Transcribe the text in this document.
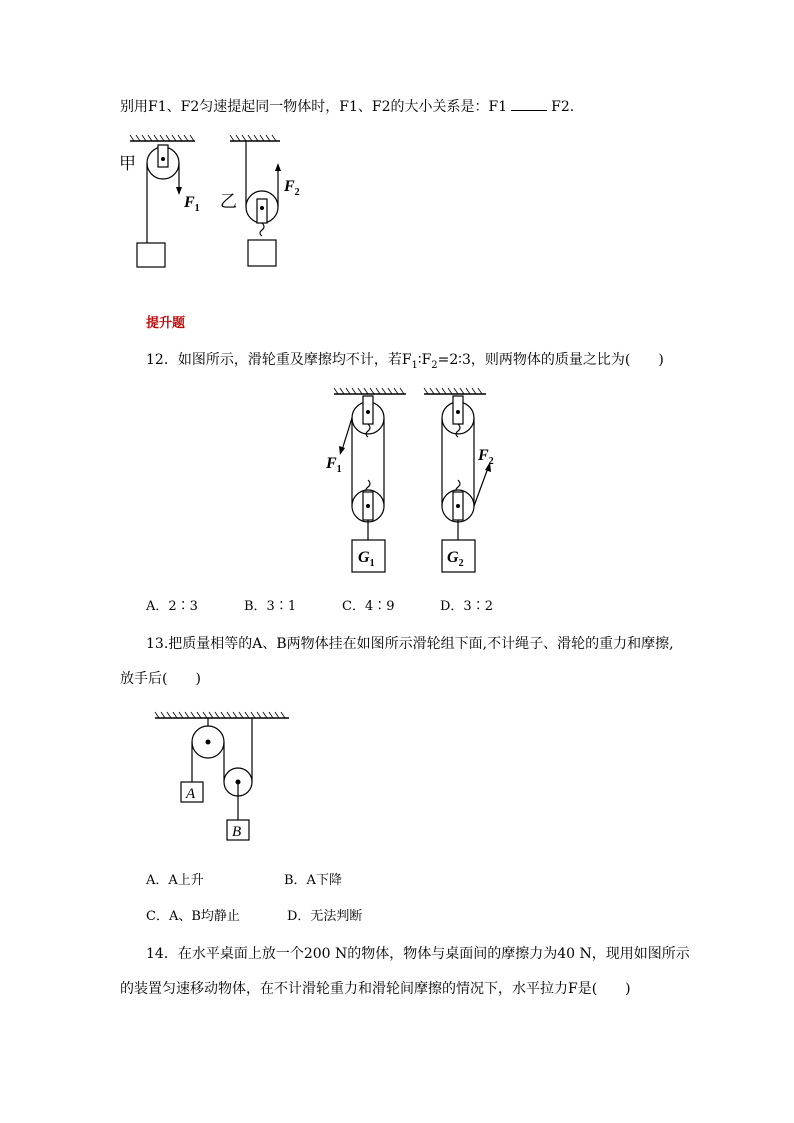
别用F1、F2匀速提起同一物体时，F1、F2的大小关系是：F1	F2.
甲
$F_1$ 乙
$F_2$
提升题
12．如图所示，滑轮重及摩擦均不计，若$F_1∶F_2=2∶3$，则两物体的质量之比为(　　)
$F_1$
$G_1$
$F_2$
$G_2$
A．2∶3	B．3∶1	C．4∶9	D．3∶2
13.把质量相等的A、B两物体挂在如图所示滑轮组下面,不计绳子、滑轮的重力和摩擦,
放手后(　　)
A
B
A．A上升	B．A下降
C．A、B均静止	D．无法判断
14．在水平桌面上放一个200 N的物体，物体与桌面间的摩擦力为40 N，现用如图所示
的装置匀速移动物体，在不计滑轮重力和滑轮间摩擦的情况下，水平拉力F是(　　)
